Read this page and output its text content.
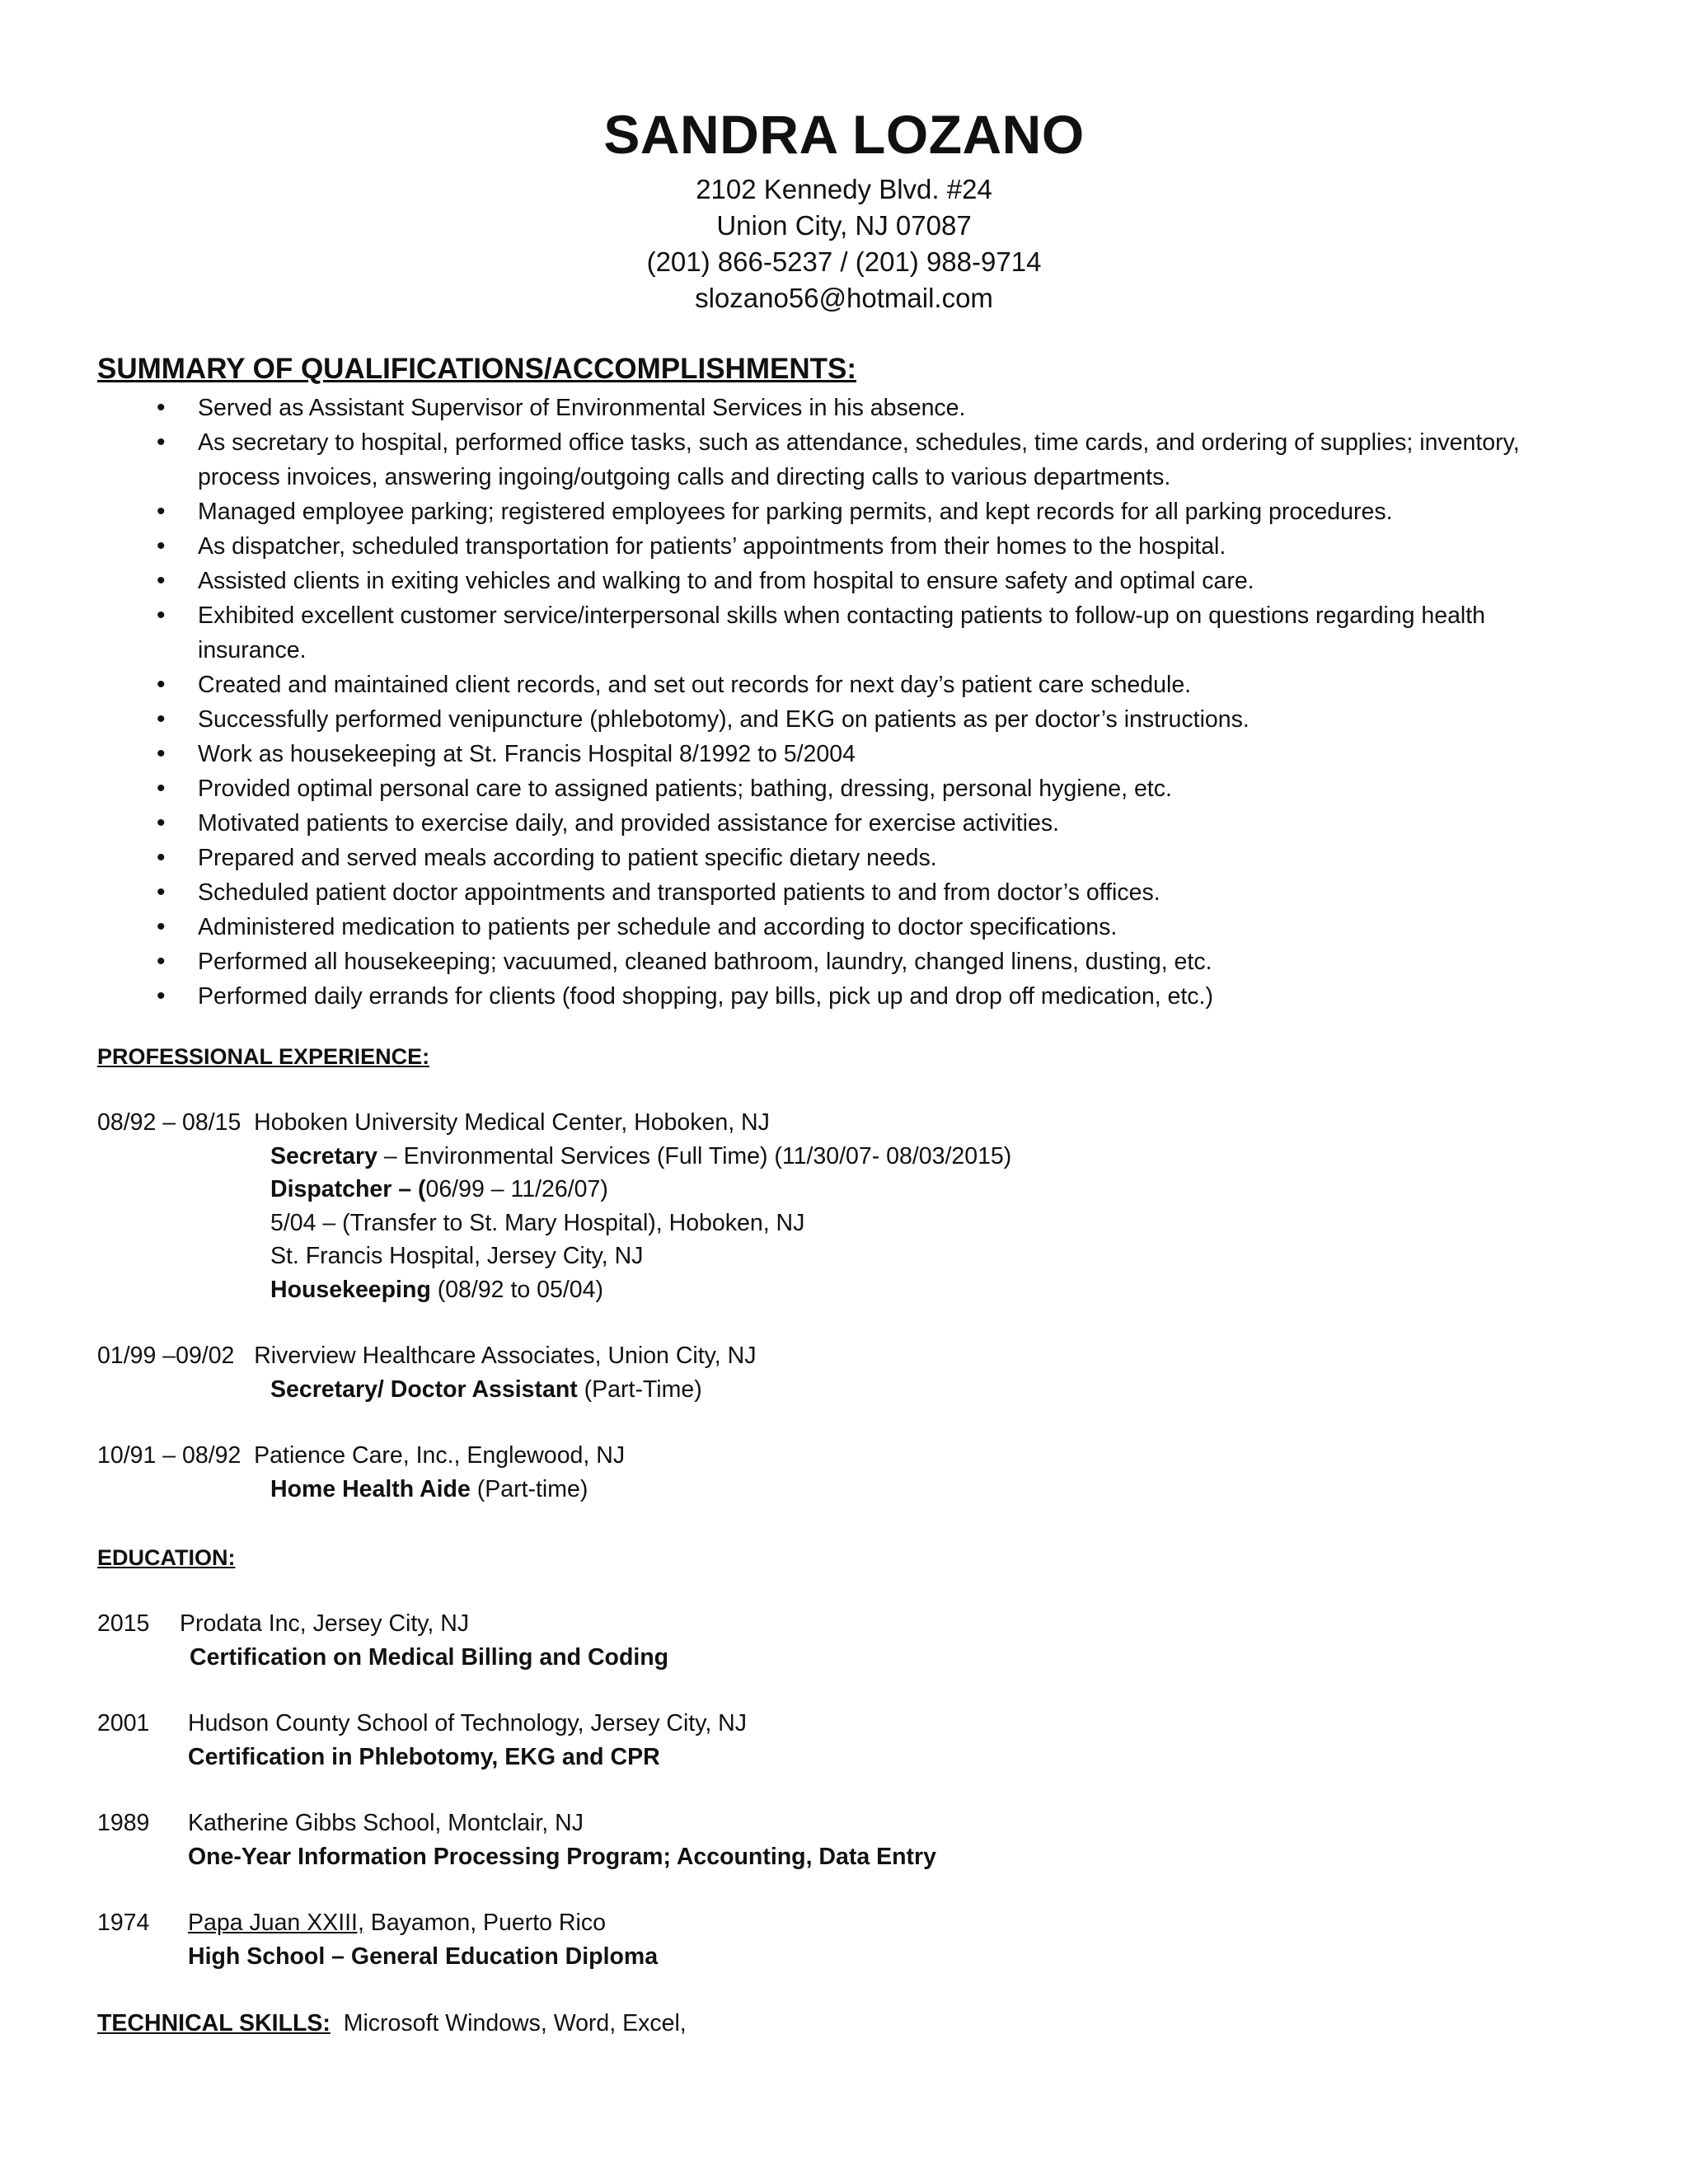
SANDRA LOZANO
2102 Kennedy Blvd. #24
Union City, NJ 07087
(201) 866-5237 / (201) 988-9714
slozano56@hotmail.com
SUMMARY OF QUALIFICATIONS/ACCOMPLISHMENTS:
• Served as Assistant Supervisor of Environmental Services in his absence.
• As secretary to hospital, performed office tasks, such as attendance, schedules, time cards, and ordering of supplies; inventory, process invoices, answering ingoing/outgoing calls and directing calls to various departments.
• Managed employee parking; registered employees for parking permits, and kept records for all parking procedures.
• As dispatcher, scheduled transportation for patients’ appointments from their homes to the hospital.
• Assisted clients in exiting vehicles and walking to and from hospital to ensure safety and optimal care.
• Exhibited excellent customer service/interpersonal skills when contacting patients to follow-up on questions regarding health insurance.
• Created and maintained client records, and set out records for next day’s patient care schedule.
• Successfully performed venipuncture (phlebotomy), and EKG on patients as per doctor’s instructions.
• Work as housekeeping at St. Francis Hospital 8/1992 to 5/2004
• Provided optimal personal care to assigned patients; bathing, dressing, personal hygiene, etc.
• Motivated patients to exercise daily, and provided assistance for exercise activities.
• Prepared and served meals according to patient specific dietary needs.
• Scheduled patient doctor appointments and transported patients to and from doctor’s offices.
• Administered medication to patients per schedule and according to doctor specifications.
• Performed all housekeeping; vacuumed, cleaned bathroom, laundry, changed linens, dusting, etc.
• Performed daily errands for clients (food shopping, pay bills, pick up and drop off medication, etc.)
PROFESSIONAL EXPERIENCE:
08/92 – 08/15 Hoboken University Medical Center, Hoboken, NJ
Secretary – Environmental Services (Full Time) (11/30/07- 08/03/2015)
Dispatcher – (06/99 – 11/26/07)
5/04 – (Transfer to St. Mary Hospital), Hoboken, NJ
St. Francis Hospital, Jersey City, NJ
Housekeeping (08/92 to 05/04)
01/99 –09/02 Riverview Healthcare Associates, Union City, NJ
Secretary/ Doctor Assistant (Part-Time)
10/91 – 08/92 Patience Care, Inc., Englewood, NJ
Home Health Aide (Part-time)
EDUCATION:
2015 Prodata Inc, Jersey City, NJ
Certification on Medical Billing and Coding
2001 Hudson County School of Technology, Jersey City, NJ
Certification in Phlebotomy, EKG and CPR
1989 Katherine Gibbs School, Montclair, NJ
One-Year Information Processing Program; Accounting, Data Entry
1974 Papa Juan XXIII, Bayamon, Puerto Rico
High School – General Education Diploma
TECHNICAL SKILLS:  Microsoft Windows, Word, Excel,
